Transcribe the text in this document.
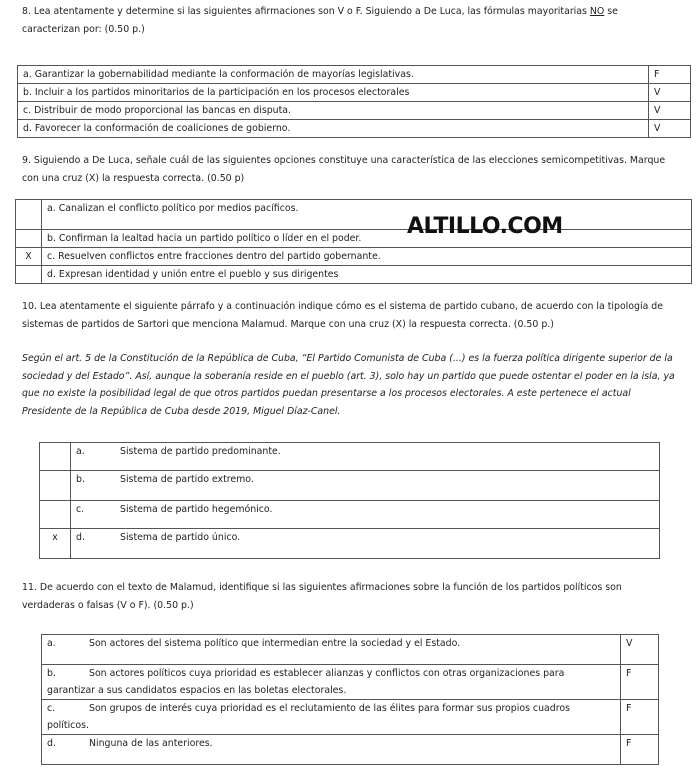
8. Lea atentamente y determine si las siguientes afirmaciones son V o F. Siguiendo a De Luca, las fórmulas mayoritarias NO se
caracterizan por: (0.50 p.)

a. Garantizar la gobernabilidad mediante la conformación de mayorías legislativas.	F
b. Incluir a los partidos minoritarios de la participación en los procesos electorales	V
c. Distribuir de modo proporcional las bancas en disputa.	V
d. Favorecer la conformación de coaliciones de gobierno.	V

9. Siguiendo a De Luca, señale cuál de las siguientes opciones constituye una característica de las elecciones semicompetitivas. Marque
con una cruz (X) la respuesta correcta. (0.50 p)

	a. Canalizan el conflicto político por medios pacíficos.
	b. Confirman la lealtad hacia un partido político o líder en el poder.
X	c. Resuelven conflictos entre fracciones dentro del partido gobernante.
	d. Expresan identidad y unión entre el pueblo y sus dirigentes
ALTILLO.COM

10. Lea atentamente el siguiente párrafo y a continuación indique cómo es el sistema de partido cubano, de acuerdo con la tipología de
sistemas de partidos de Sartori que menciona Malamud. Marque con una cruz (X) la respuesta correcta. (0.50 p.)

Según el art. 5 de la Constitución de la República de Cuba, “El Partido Comunista de Cuba (...) es la fuerza política dirigente superior de la
sociedad y del Estado”. Así, aunque la soberanía reside en el pueblo (art. 3), solo hay un partido que puede ostentar el poder en la isla, ya
que no existe la posibilidad legal de que otros partidos puedan presentarse a los procesos electorales. A este pertenece el actual
Presidente de la República de Cuba desde 2019, Miguel Díaz-Canel.

	a. Sistema de partido predominante.
	b. Sistema de partido extremo.
	c. Sistema de partido hegemónico.
x	d. Sistema de partido único.

11. De acuerdo con el texto de Malamud, identifique si las siguientes afirmaciones sobre la función de los partidos políticos son
verdaderas o falsas (V o F). (0.50 p.)

a. Son actores del sistema político que intermedian entre la sociedad y el Estado.	V
b. Son actores políticos cuya prioridad es establecer alianzas y conflictos con otras organizaciones para
garantizar a sus candidatos espacios en las boletas electorales.	F
c. Son grupos de interés cuya prioridad es el reclutamiento de las élites para formar sus propios cuadros
políticos.	F
d. Ninguna de las anteriores.	F
